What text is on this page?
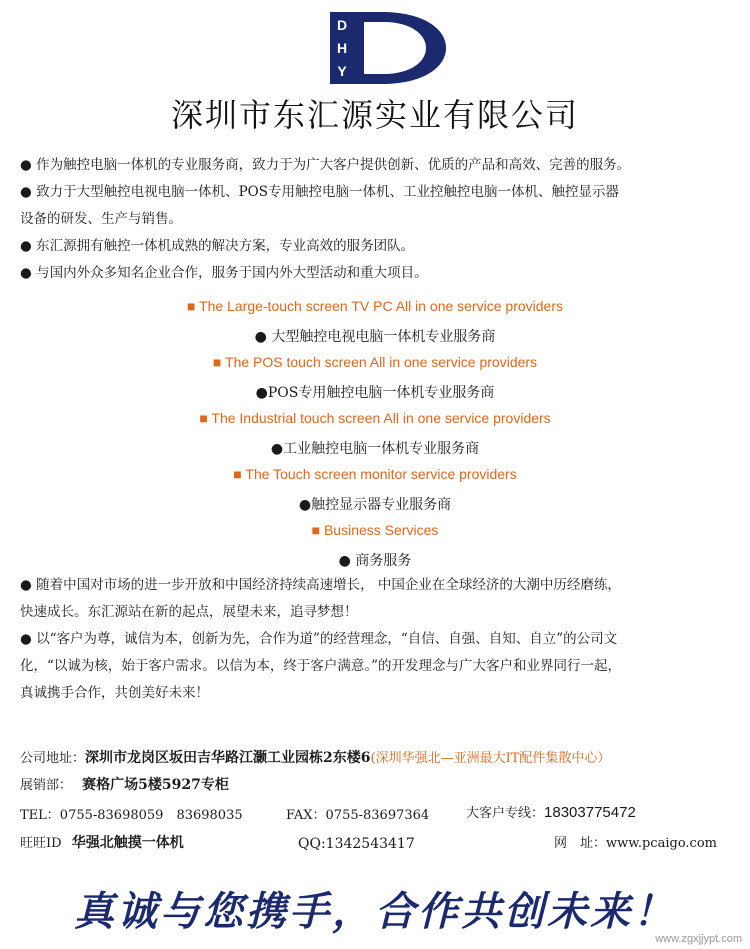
D
H
Y
深圳市东汇源实业有限公司
● 作为触控电脑一体机的专业服务商，致力于为广大客户提供创新、优质的产品和高效、完善的服务。
● 致力于大型触控电视电脑一体机、POS专用触控电脑一体机、工业控触控电脑一体机、触控显示器
设备的研发、生产与销售。
● 东汇源拥有触控一体机成熟的解决方案，专业高效的服务团队。
● 与国内外众多知名企业合作，服务于国内外大型活动和重大项目。
■ The Large-touch screen TV PC All in one service providers
● 大型触控电视电脑一体机专业服务商
■ The POS touch screen All in one service providers
●POS专用触控电脑一体机专业服务商
■ The Industrial touch screen All in one service providers
●工业触控电脑一体机专业服务商
■ The Touch screen monitor service providers
●触控显示器专业服务商
■ Business Services
● 商务服务
● 随着中国对市场的进一步开放和中国经济持续高速增长， 中国企业在全球经济的大潮中历经磨练，
快速成长。东汇源站在新的起点，展望未来，追寻梦想！
● 以“客户为尊，诚信为本，创新为先，合作为道”的经营理念，“自信、自强、自知、自立”的公司文
化，“以诚为核，始于客户需求。以信为本，终于客户满意。”的开发理念与广大客户和业界同行一起，
真诚携手合作，共创美好未来！
公司地址：深圳市龙岗区坂田吉华路江灏工业园栋2东楼6(深圳华强北—亚洲最大IT配件集散中心）
展销部： 赛格广场5楼5927专柜
TEL：0755-83698059　83698035	FAX：0755-83697364	大客户专线：18303775472
旺旺ID 华强北触摸一体机	QQ:1342543417	网　址：www.pcaigo.com
真诚与您携手，合作共创未来！
www.zgxjjypt.com
